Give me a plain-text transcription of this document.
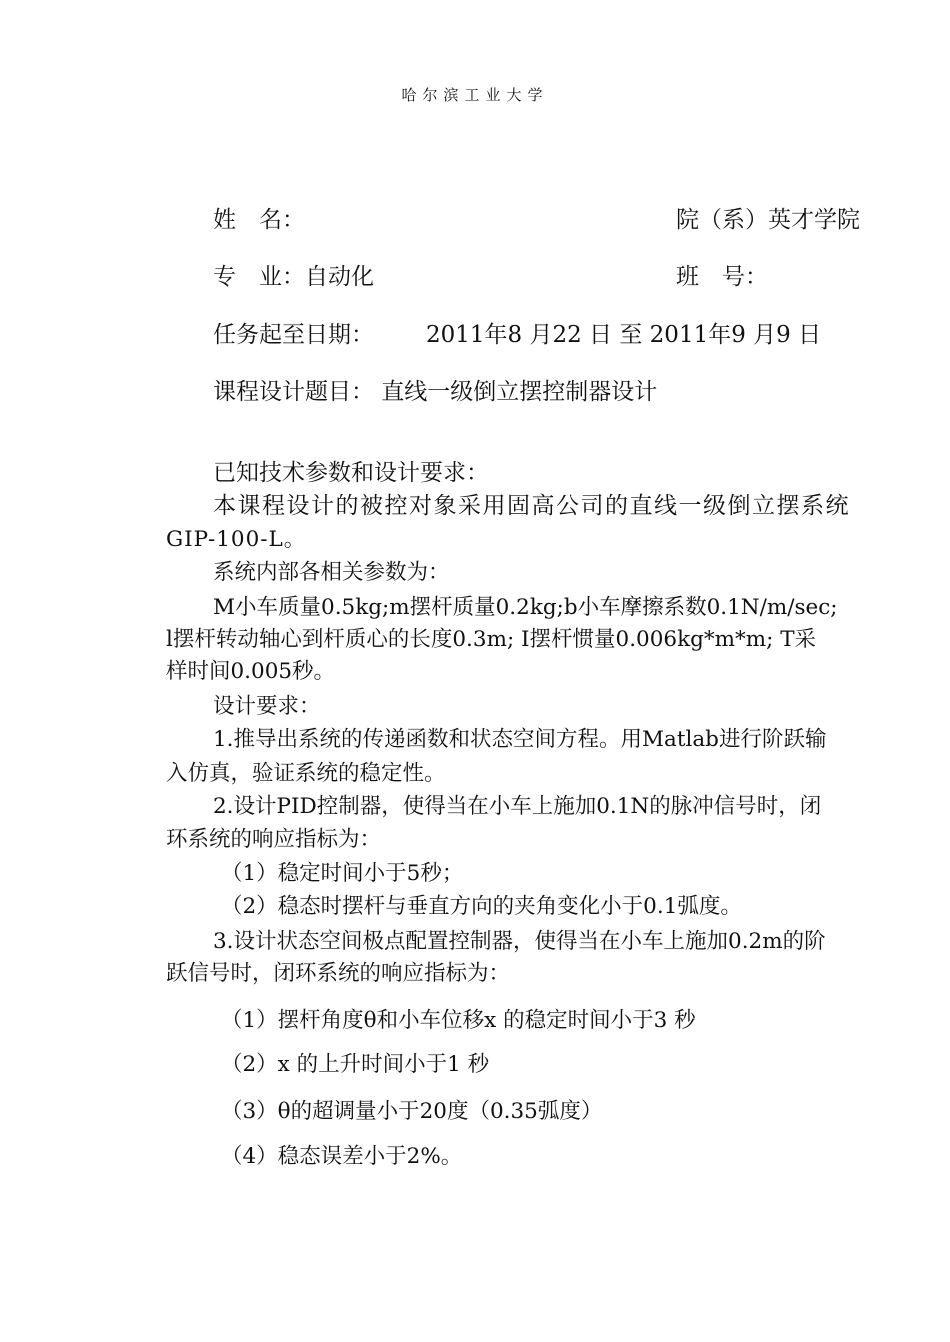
哈尔滨工业大学
姓　名：	院（系）英才学院
专　业：自动化	班　号：
任务起至日期： 2011年8 月22 日 至 2011年9 月9 日
课程设计题目： 直线一级倒立摆控制器设计
已知技术参数和设计要求：
本课程设计的被控对象采用固高公司的直线一级倒立摆系统
GIP-100-L。
系统内部各相关参数为：
M小车质量0.5kg;m摆杆质量0.2kg;b小车摩擦系数0.1N/m/sec;
l摆杆转动轴心到杆质心的长度0.3m; I摆杆惯量0.006kg*m*m; T采
样时间0.005秒。
设计要求：
1.推导出系统的传递函数和状态空间方程。用Matlab进行阶跃输
入仿真，验证系统的稳定性。
2.设计PID控制器，使得当在小车上施加0.1N的脉冲信号时，闭
环系统的响应指标为：
（1）稳定时间小于5秒；
（2）稳态时摆杆与垂直方向的夹角变化小于0.1弧度。
3.设计状态空间极点配置控制器，使得当在小车上施加0.2m的阶
跃信号时，闭环系统的响应指标为：
（1）摆杆角度θ和小车位移x 的稳定时间小于3 秒
（2）x 的上升时间小于1 秒
（3）θ的超调量小于20度（0.35弧度）
（4）稳态误差小于2%。
